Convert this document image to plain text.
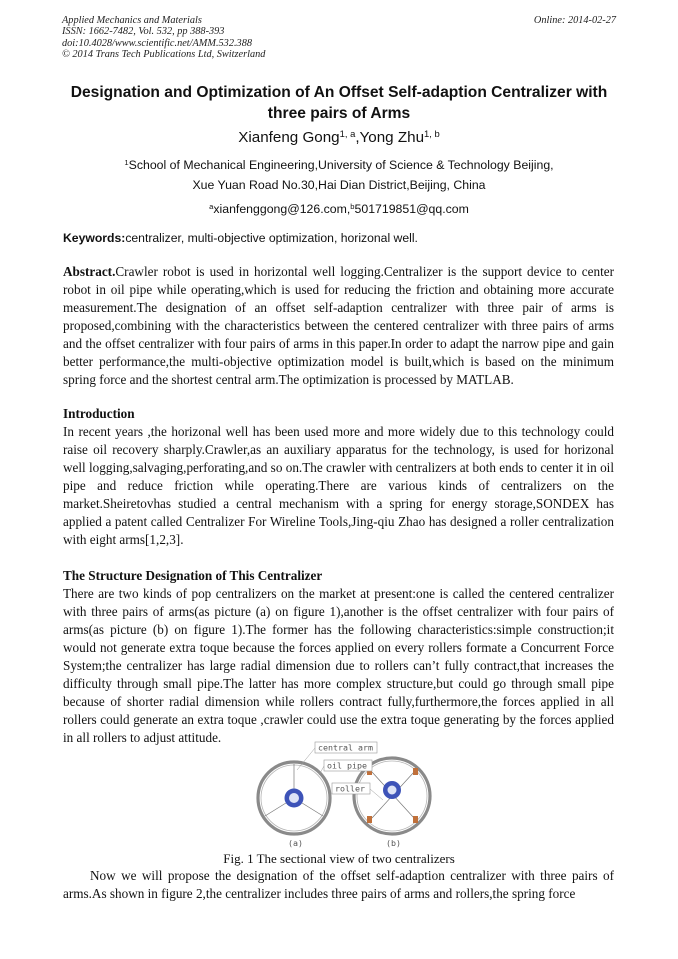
Applied Mechanics and Materials
ISSN: 1662-7482, Vol. 532, pp 388-393
doi:10.4028/www.scientific.net/AMM.532.388
© 2014 Trans Tech Publications Ltd, Switzerland
Online: 2014-02-27
Designation and Optimization of An Offset Self-adaption Centralizer with three pairs of Arms
Xianfeng Gong$^{1, a}$,Yong Zhu$^{1, b}$
$^1$School of Mechanical Engineering,University of Science & Technology Beijing,
Xue Yuan Road No.30,Hai Dian District,Beijing, China
$^a$xianfenggong@126.com,$^b$501719851@qq.com
Keywords:centralizer, multi-objective optimization, horizonal well.
Abstract.Crawler robot is used in horizontal well logging.Centralizer is the support device to center robot in oil pipe while operating,which is used for reducing the friction and obtaining more accurate measurement.The designation of an offset self-adaption centralizer with three pair of arms is proposed,combining with the characteristics between the centered centralizer with three pairs of arms and the offset centralizer with four pairs of arms in this paper.In order to adapt the narrow pipe and gain better performance,the multi-objective optimization model is built,which is based on the minimum spring force and the shortest central arm.The optimization is processed by MATLAB.
Introduction
In recent years ,the horizonal well has been used more and more widely due to this technology could raise oil recovery sharply.Crawler,as an auxiliary apparatus for the technology, is used for horizonal well logging,salvaging,perforating,and so on.The crawler with centralizers at both ends to center it in oil pipe and reduce friction while operating.There are various kinds of centralizers on the market.Sheiretovhas studied a central mechanism with a spring for energy storage,SONDEX has applied a patent called Centralizer For Wireline Tools,Jing-qiu Zhao has designed a roller centralization with eight arms[1,2,3].
The Structure Designation of This Centralizer
There are two kinds of pop centralizers on the market at present:one is called the centered centralizer with three pairs of arms(as picture (a) on figure 1),another is the offset centralizer with four pairs of arms(as picture (b) on figure 1).The former has the following characteristics:simple construction;it would not generate extra toque because the forces applied on every rollers formate a Concurrent Force System;the centralizer has large radial dimension due to rollers can’t fully contract,that increases the difficulty through small pipe.The latter has more complex structure,but could go through small pipe because of shorter radial dimension while rollers contract fully,furthermore,the forces applied in all rollers could generate an extra toque ,crawler could use the extra toque generating by the forces applied in all rollers to adjust attitude.
central arm
oil pipe
roller
(a)	(b)
Fig. 1 The sectional view of two centralizers
Now we will propose the designation of the offset self-adaption centralizer with three pairs of arms.As shown in figure 2,the centralizer includes three pairs of arms and rollers,the spring force
